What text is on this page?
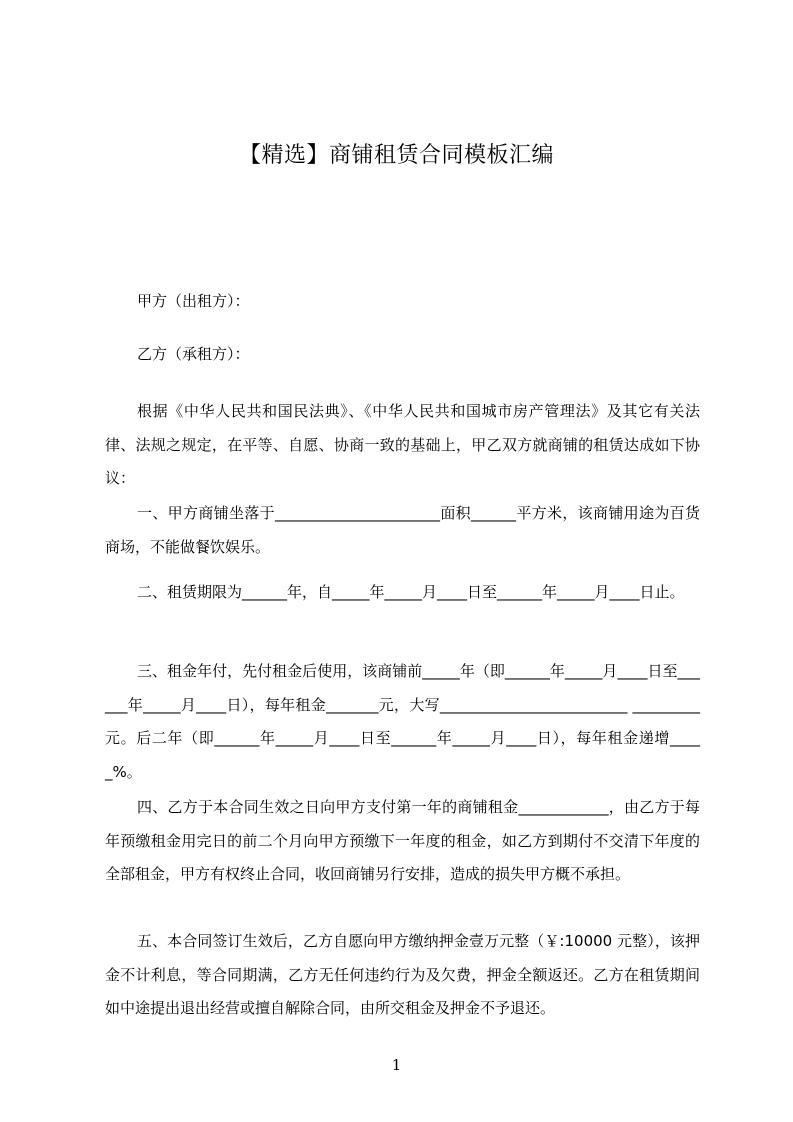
【精选】商铺租赁合同模板汇编

甲方（出租方）：

乙方（承租方）：

根据《中华人民共和国民法典》、《中华人民共和国城市房产管理法》及其它有关法律、法规之规定，在平等、自愿、协商一致的基础上，甲乙双方就商铺的租赁达成如下协议：

一、甲方商铺坐落于______________________面积______平方米，该商铺用途为百货商场，不能做餐饮娱乐。

二、租赁期限为______年，自_____年_____月____日至______年_____月____日止。

三、租金年付，先付租金后使用，该商铺前_____年（即______年_____月____日至______年_____月____日），每年租金_______元，大写_________________________ _________元。后二年（即______年_____月____日至______年_____月____日），每年租金递增_____%。

四、乙方于本合同生效之日向甲方支付第一年的商铺租金____________，由乙方于每年预缴租金用完日的前二个月向甲方预缴下一年度的租金，如乙方到期付不交清下年度的全部租金，甲方有权终止合同，收回商铺另行安排，造成的损失甲方概不承担。

五、本合同签订生效后，乙方自愿向甲方缴纳押金壹万元整（￥:10000 元整），该押金不计利息，等合同期满，乙方无任何违约行为及欠费，押金全额返还。乙方在租赁期间如中途提出退出经营或擅自解除合同，由所交租金及押金不予退还。

1
